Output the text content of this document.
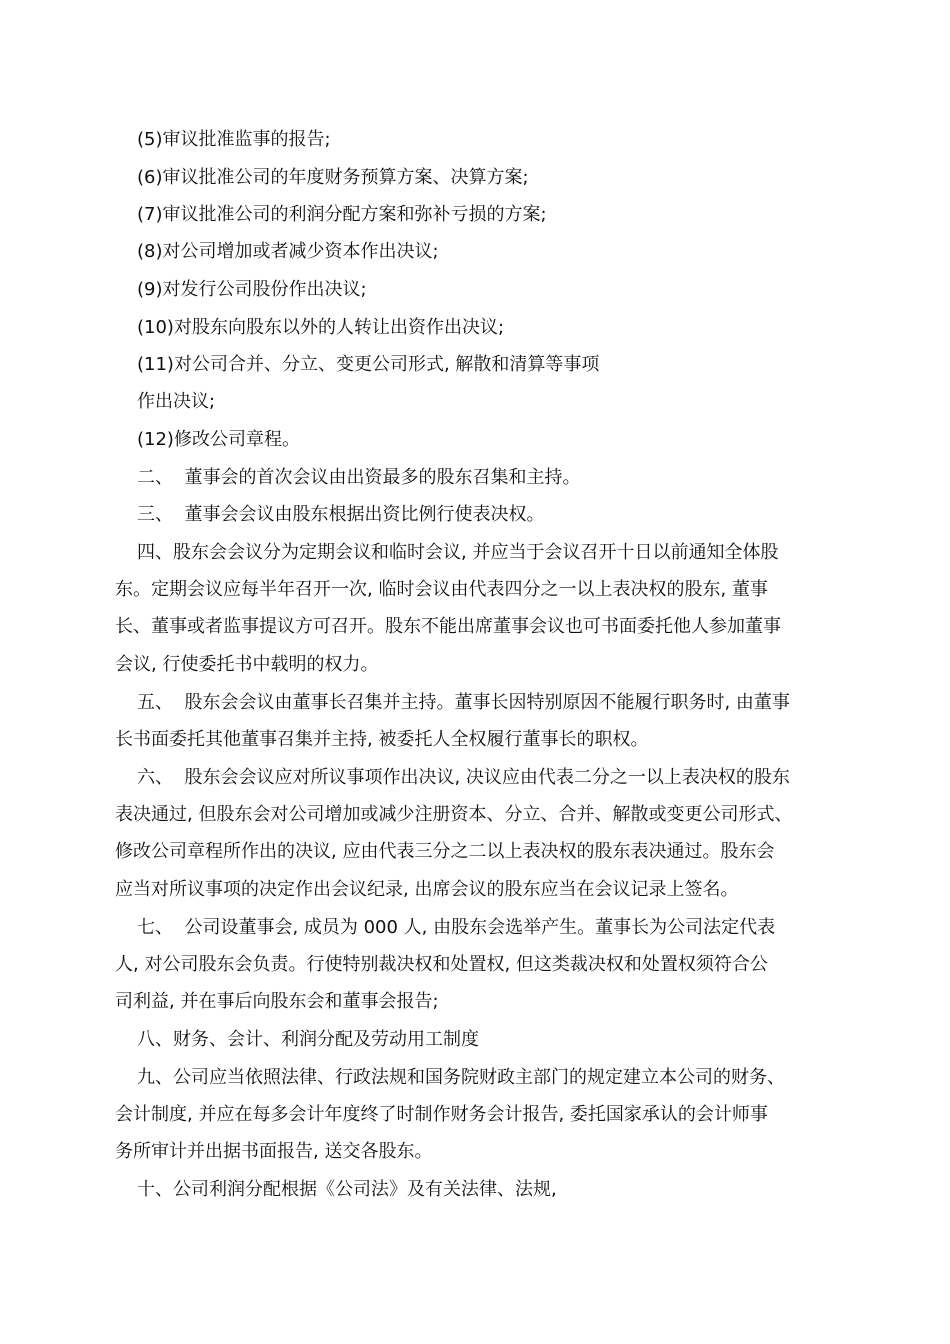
(5)审议批准监事的报告;
(6)审议批准公司的年度财务预算方案、决算方案;
(7)审议批准公司的利润分配方案和弥补亏损的方案;
(8)对公司增加或者减少资本作出决议;
(9)对发行公司股份作出决议;
(10)对股东向股东以外的人转让出资作出决议;
(11)对公司合并、分立、变更公司形式, 解散和清算等事项
作出决议;
(12)修改公司章程。
二、  董事会的首次会议由出资最多的股东召集和主持。
三、  董事会会议由股东根据出资比例行使表决权。
四、股东会会议分为定期会议和临时会议, 并应当于会议召开十日以前通知全体股
东。定期会议应每半年召开一次, 临时会议由代表四分之一以上表决权的股东, 董事
长、董事或者监事提议方可召开。股东不能出席董事会议也可书面委托他人参加董事
会议, 行使委托书中载明的权力。
五、  股东会会议由董事长召集并主持。董事长因特别原因不能履行职务时, 由董事
长书面委托其他董事召集并主持, 被委托人全权履行董事长的职权。
六、  股东会会议应对所议事项作出决议, 决议应由代表二分之一以上表决权的股东
表决通过, 但股东会对公司增加或减少注册资本、分立、合并、解散或变更公司形式、
修改公司章程所作出的决议, 应由代表三分之二以上表决权的股东表决通过。股东会
应当对所议事项的决定作出会议纪录, 出席会议的股东应当在会议记录上签名。
七、  公司设董事会, 成员为 000 人, 由股东会选举产生。董事长为公司法定代表
人, 对公司股东会负责。行使特别裁决权和处置权, 但这类裁决权和处置权须符合公
司利益, 并在事后向股东会和董事会报告;
八、财务、会计、利润分配及劳动用工制度
九、公司应当依照法律、行政法规和国务院财政主部门的规定建立本公司的财务、
会计制度, 并应在每多会计年度终了时制作财务会计报告, 委托国家承认的会计师事
务所审计并出据书面报告, 送交各股东。
十、公司利润分配根据《公司法》及有关法律、法规,
